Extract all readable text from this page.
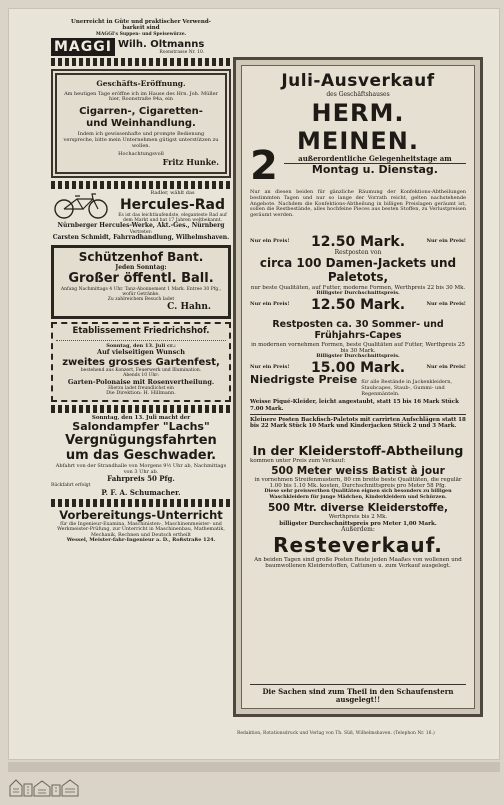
Unerreicht in Güte und praktischer Verwend-
barkeit sind
MAGGI's Suppen- und Speisewürze.
MAGGI Wilh. Oltmanns
Roonstrasse Nr. 10.
Geschäfts-Eröffnung.
Am heutigen Tage eröffne ich im Hause des Hrn. Joh. Müller hier, Roonstraße 94a, ein
Cigarren-, Cigaretten-
und Weinhandlung.
Indem ich gewissenhafte und prompte Bedienung verspreche, bitte mein Unternehmen gütigst unterstützen zu wollen.
Hochachtungsvoll
Fritz Hunke.
Radler, wählt das
Hercules-Rad
Es ist das leichtlaufendste, eleganteste Rad auf dem Markt und hat 17 Jahren weltbekannt.
Nürnberger Hercules-Werke, Akt.-Ges., Nürnberg
Vertreter:
Carsten Schmidt, Fahrradhandlung, Wilhelmshaven.
Schützenhof Bant.
Jeden Sonntag:
Großer öffentl. Ball.
Anfang Nachmittags 4 Uhr. Tanz-Abonnement 1 Mark. Entree 30 Pfg., wofür Getränke.
Zu zahlreichem Besuch ladet
C. Hahn.
Etablissement Friedrichshof.
Sonntag, den 13. Juli cr.:
Auf vielseitigen Wunsch
zweites grosses Gartenfest,
bestehend aus Konzert, Feuerwerk und Illumination.
Abends 10 Uhr:
Garten-Polonaise mit Rosenvertheilung.
Hierzu ladet freundlichst ein
Die Direktion: H. Hillmann.
Sonntag, den 13. Juli macht der
Salondampfer "Lachs"
Vergnügungsfahrten
um das Geschwader.
Abfahrt von der Strandhalle von Morgens 9½ Uhr ab, Nachmittags von 3 Uhr ab.
Fahrpreis 50 Pfg.
Rückfahrt erfolgt
P. F. A. Schumacher.
Vorbereitungs-Unterricht
für die Ingenieur-Examina, Maschinisten-, Maschinenmeister- und Werkmeister-Prüfung, zur Unterricht in Maschinenbau, Mathematik, Mechanik, Rechnen und Deutsch ertheilt
Wessel, Meister-fahr-Ingenieur a. D., Roßstraße 124.
Juli-Ausverkauf
des Geschäftshauses
HERM. MEINEN.
2	außerordentliche Gelegenheitstage am
Montag u. Dienstag.
Nur an diesen beiden für gänzliche Räumung der Konfektions-Abtheilungen bestimmten Tagen und nur so lange der Vorrath reicht, gelten nachstehende Angebote. Nachdem die Konfektions-Abtheilung in billigen Preislagen geräumt ist, sollen die Restbestände, alles hochfeine Pieces aus besten Stoffen, zu Verlustpreisen geräumt werden.
Nur ein Preis! 12.50 Mark.	Nur ein Preis!
Restposten von
circa 100 Damen-Jackets und Paletots,
nur beste Qualitäten, auf Futter, moderne Formen, Werthpreis 22 bis 30 Mk.
Billigster Durchschnittspreis.
Nur ein Preis! 12.50 Mark.	Nur ein Preis!
Restposten ca. 30 Sommer- und Frühjahrs-Capes
in modernen vornehmen Formen, beste Qualitäten auf Futter, Werthpreis 25 bis 30 Mark.
Billigster Durchschnittspreis.
Nur ein Preis! 15.00 Mark.	Nur ein Preis!
Niedrigste Preise für alle Bestände in Jackenkleidern, Staubcapes, Staub-, Gummi- und Regenmänteln.
Weisse Piqué-Kleider, leicht angestaubt, statt 15 bis 16 Mark Stück 7.00 Mark.
Kleinere Posten Backfisch-Paletots mit carrirten Aufschlägen statt 18 bis 22 Mark Stück 10 Mark und Kinderjacken Stück 2 und 3 Mark.
In der Kleiderstoff-Abtheilung
kommen unter Preis zum Verkauf:
500 Meter weiss Batist à jour
in vornehmen Streifenmustern, 80 cm breite beste Qualitäten, die regulär 1.00 bis 1.10 Mk. kosten, Durchschnittspreis pro Meter 58 Pfg.
Diese sehr preiswerthen Qualitäten eignen sich besonders zu billigen Waschkleidern für junge Mädchen, Kinderkleidern und Schürzen.
500 Mtr. diverse Kleiderstoffe,
Werthpreis bis 2 Mk.
billigster Durchschnittspreis pro Meter 1,00 Mark.
Außerdem:
Resteverkauf.
An beiden Tagen sind große Posten Reste jeden Maaßes von wollenen und baumwollenen Kleiderstoffen, Cattunen u. zum Verkauf ausgelegt.
Die Sachen sind zum Theil in den Schaufenstern ausgelegt!!
Redaktion, Rotationsdruck und Verlag von Th. Süß, Wilhelmshaven. (Telephon Nr. 16.)
